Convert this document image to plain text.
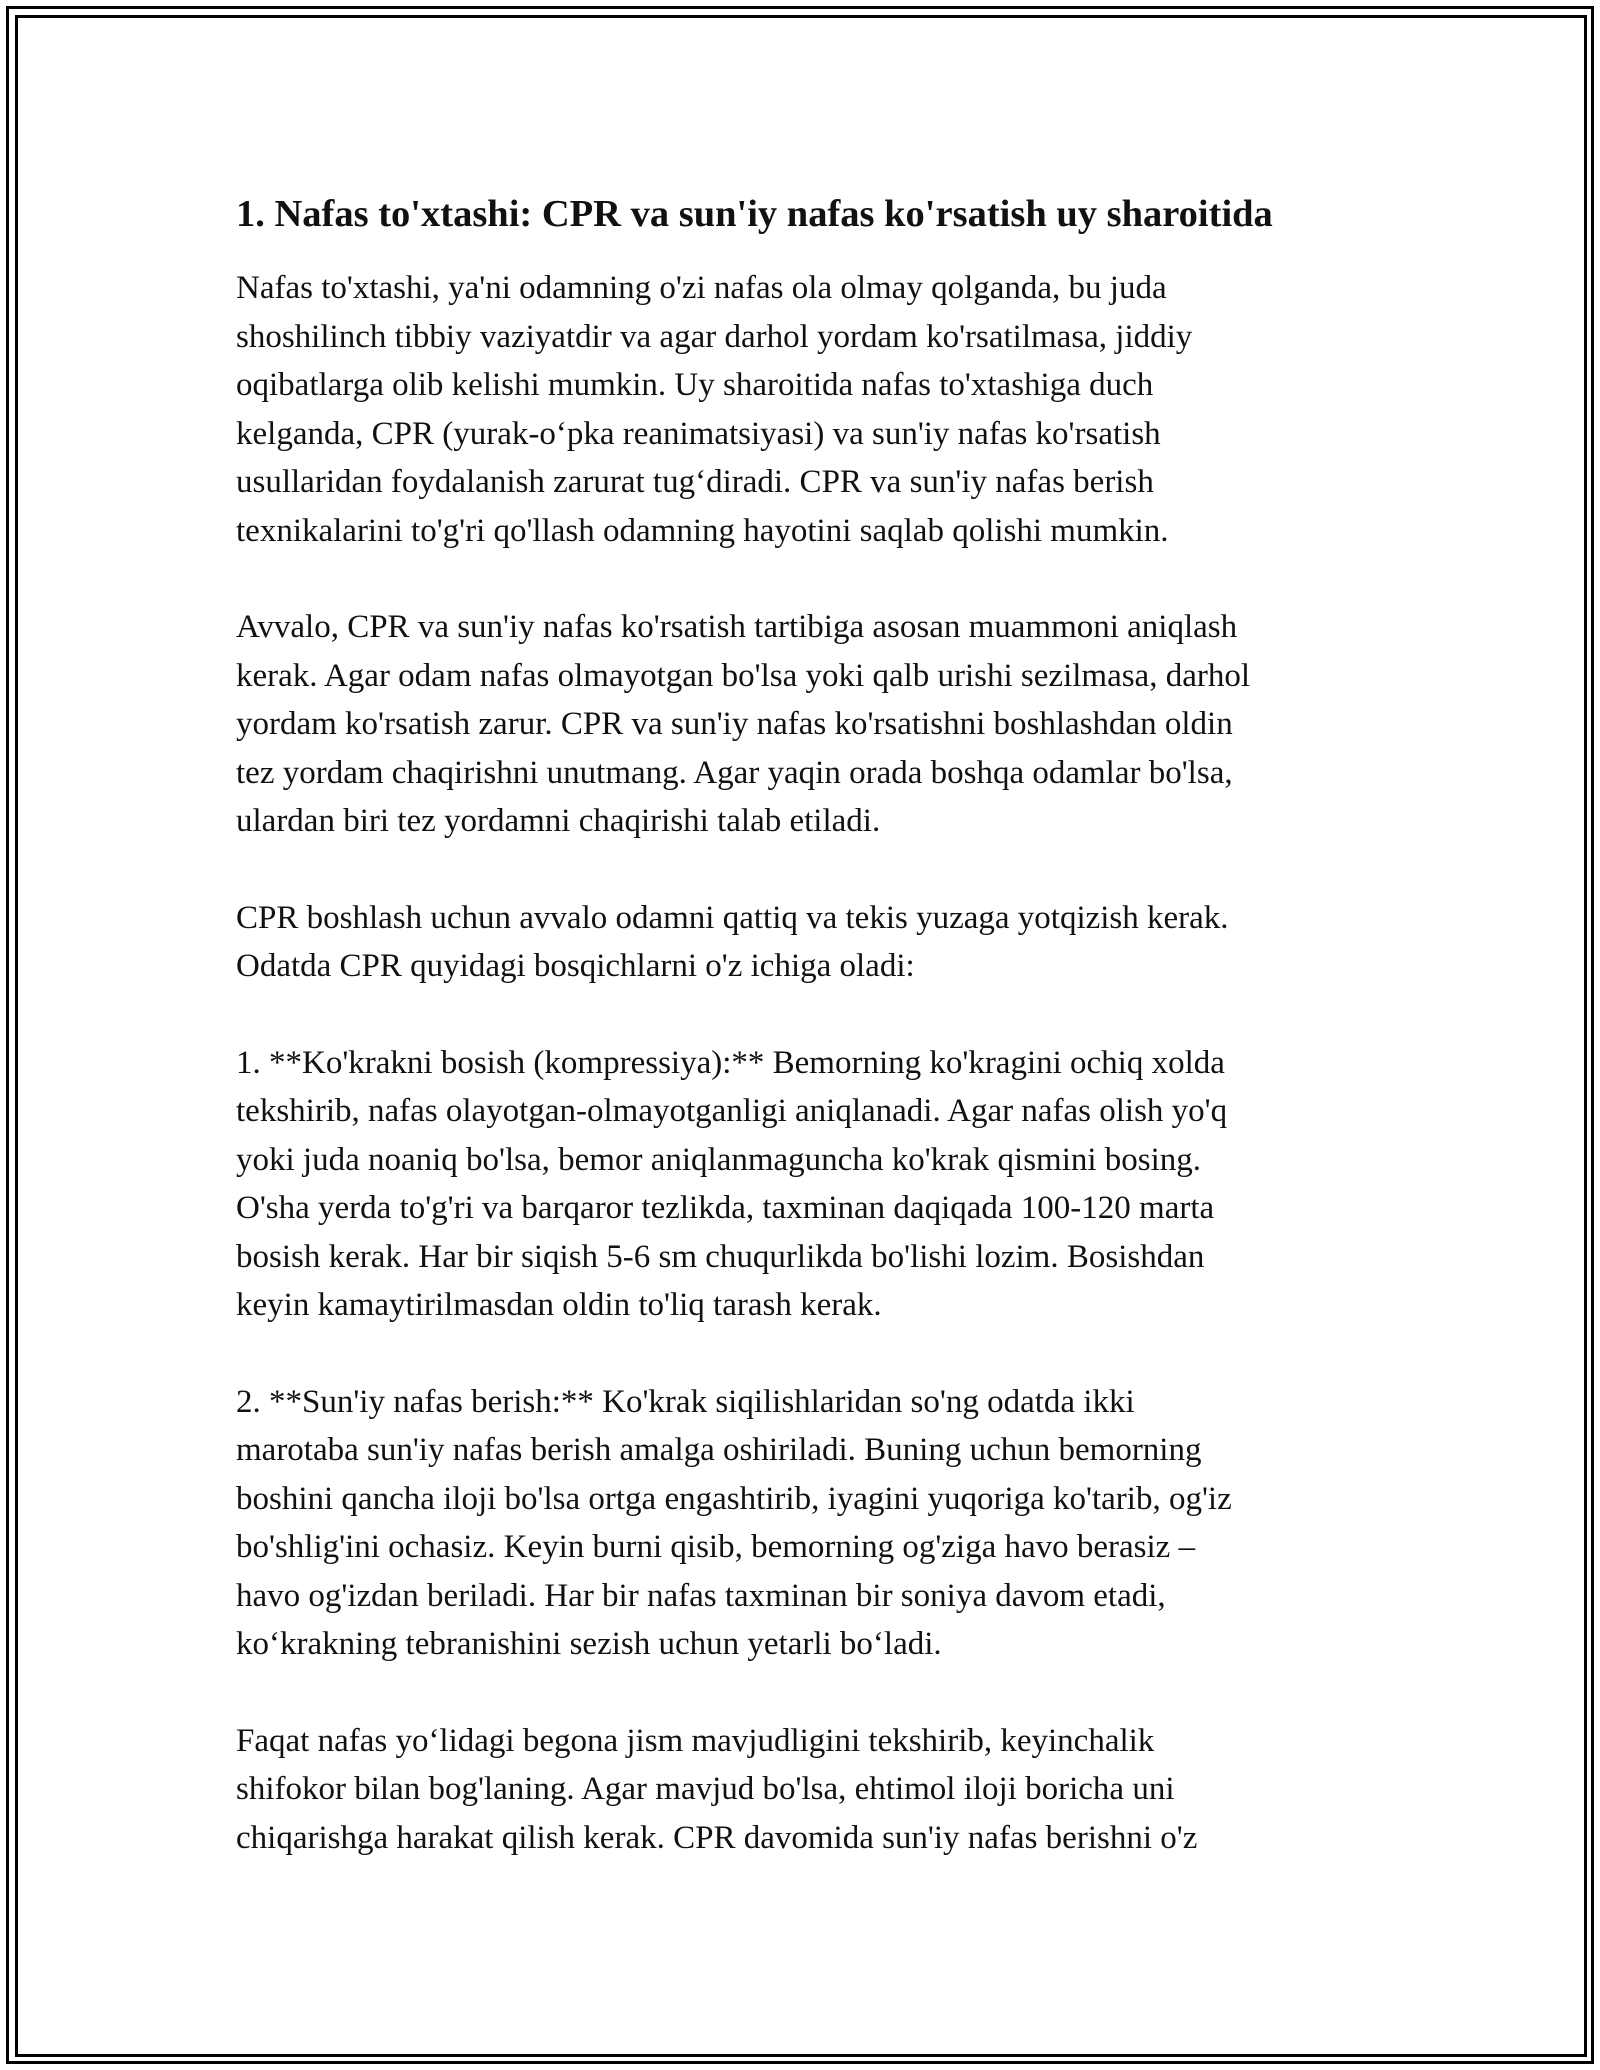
1. Nafas to'xtashi: CPR va sun'iy nafas ko'rsatish uy sharoitida

Nafas to'xtashi, ya'ni odamning o'zi nafas ola olmay qolganda, bu juda
shoshilinch tibbiy vaziyatdir va agar darhol yordam ko'rsatilmasa, jiddiy
oqibatlarga olib kelishi mumkin. Uy sharoitida nafas to'xtashiga duch
kelganda, CPR (yurak-o‘pka reanimatsiyasi) va sun'iy nafas ko'rsatish
usullaridan foydalanish zarurat tug‘diradi. CPR va sun'iy nafas berish
texnikalarini to'g'ri qo'llash odamning hayotini saqlab qolishi mumkin.

Avvalo, CPR va sun'iy nafas ko'rsatish tartibiga asosan muammoni aniqlash
kerak. Agar odam nafas olmayotgan bo'lsa yoki qalb urishi sezilmasa, darhol
yordam ko'rsatish zarur. CPR va sun'iy nafas ko'rsatishni boshlashdan oldin
tez yordam chaqirishni unutmang. Agar yaqin orada boshqa odamlar bo'lsa,
ulardan biri tez yordamni chaqirishi talab etiladi.

CPR boshlash uchun avvalo odamni qattiq va tekis yuzaga yotqizish kerak.
Odatda CPR quyidagi bosqichlarni o'z ichiga oladi:

1. **Ko'krakni bosish (kompressiya):** Bemorning ko'kragini ochiq xolda
tekshirib, nafas olayotgan-olmayotganligi aniqlanadi. Agar nafas olish yo'q
yoki juda noaniq bo'lsa, bemor aniqlanmaguncha ko'krak qismini bosing.
O'sha yerda to'g'ri va barqaror tezlikda, taxminan daqiqada 100-120 marta
bosish kerak. Har bir siqish 5-6 sm chuqurlikda bo'lishi lozim. Bosishdan
keyin kamaytirilmasdan oldin to'liq tarash kerak.

2. **Sun'iy nafas berish:** Ko'krak siqilishlaridan so'ng odatda ikki
marotaba sun'iy nafas berish amalga oshiriladi. Buning uchun bemorning
boshini qancha iloji bo'lsa ortga engashtirib, iyagini yuqoriga ko'tarib, og'iz
bo'shlig'ini ochasiz. Keyin burni qisib, bemorning og'ziga havo berasiz –
havo og'izdan beriladi. Har bir nafas taxminan bir soniya davom etadi,
ko‘krakning tebranishini sezish uchun yetarli bo‘ladi.

Faqat nafas yo‘lidagi begona jism mavjudligini tekshirib, keyinchalik
shifokor bilan bog'laning. Agar mavjud bo'lsa, ehtimol iloji boricha uni
chiqarishga harakat qilish kerak. CPR davomida sun'iy nafas berishni o'z
